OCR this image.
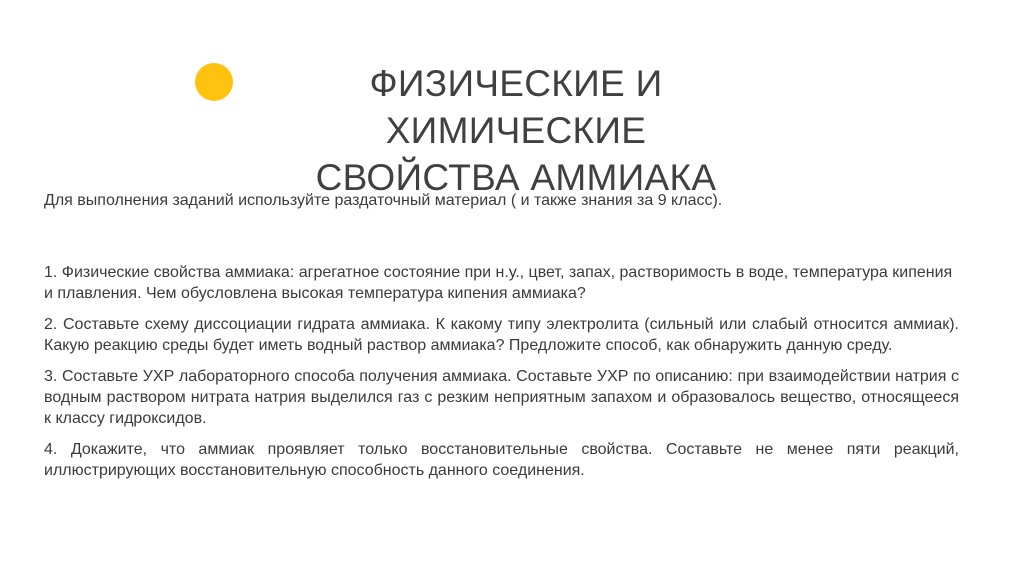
ФИЗИЧЕСКИЕ И ХИМИЧЕСКИЕ
СВОЙСТВА АММИАКА
Для выполнения заданий используйте раздаточный материал ( и также знания за 9 класс).

1. Физические свойства аммиака: агрегатное состояние при н.у., цвет, запах, растворимость в воде, температура кипения и плавления. Чем обусловлена высокая температура кипения аммиака?

2. Составьте схему диссоциации гидрата аммиака. К какому типу электролита (сильный или слабый относится аммиак). Какую реакцию среды будет иметь водный раствор аммиака? Предложите способ, как обнаружить данную среду.

3. Составьте УХР лабораторного способа получения аммиака. Составьте УХР по описанию: при взаимодействии натрия с водным раствором нитрата натрия выделился газ с резким неприятным запахом и образовалось вещество, относящееся к классу гидроксидов.

4. Докажите, что аммиак проявляет только восстановительные свойства. Составьте не менее пяти реакций, иллюстрирующих восстановительную способность данного соединения.
